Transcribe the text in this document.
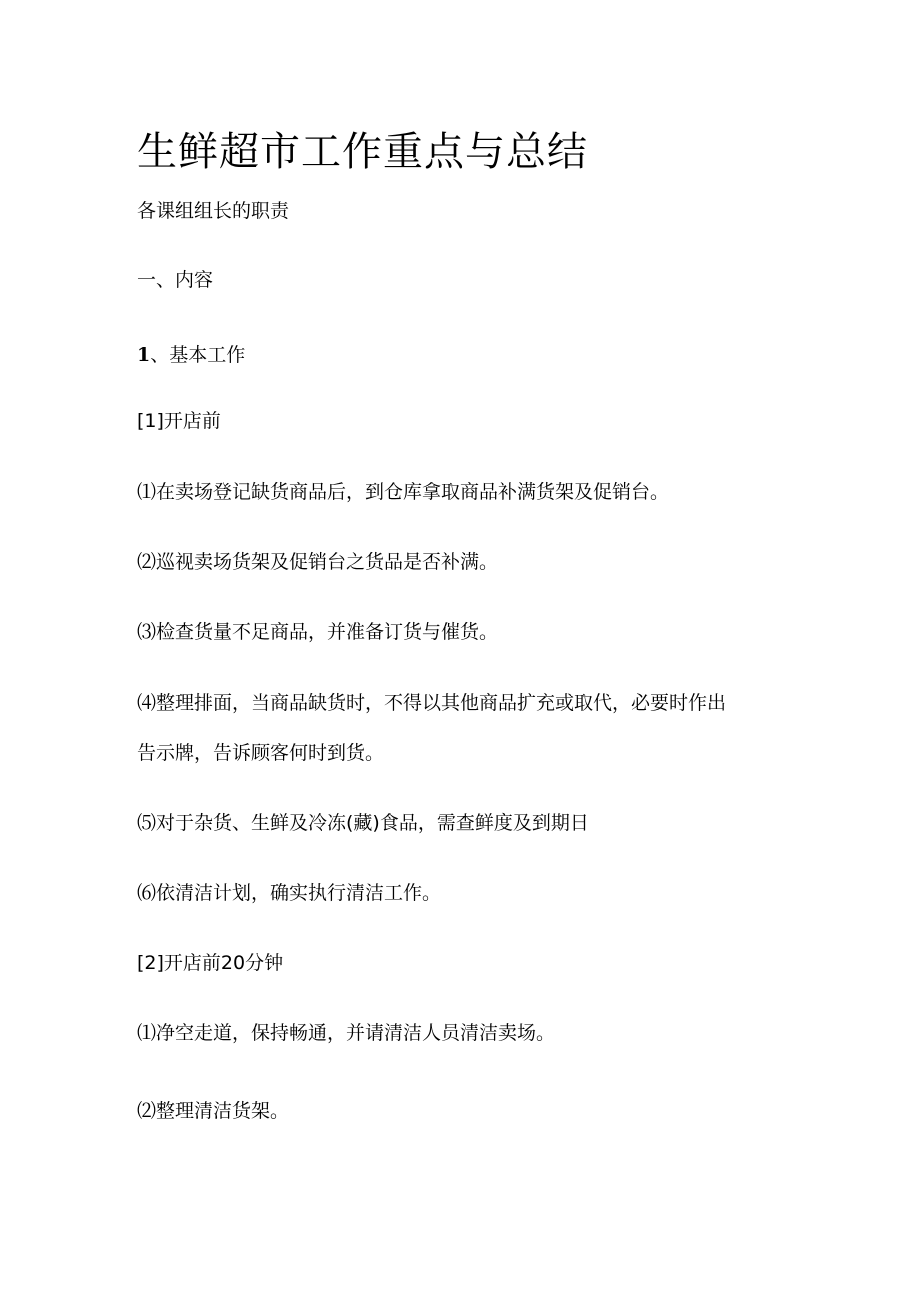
生鲜超市工作重点与总结

各课组组长的职责

一、内容

1、基本工作

[1]开店前

⑴在卖场登记缺货商品后，到仓库拿取商品补满货架及促销台。

⑵巡视卖场货架及促销台之货品是否补满。

⑶检查货量不足商品，并准备订货与催货。

⑷整理排面，当商品缺货时，不得以其他商品扩充或取代，必要时作出

告示牌，告诉顾客何时到货。

⑸对于杂货、生鲜及冷冻(藏)食品，需查鲜度及到期日

⑹依清洁计划，确实执行清洁工作。

[2]开店前20分钟

⑴净空走道，保持畅通，并请清洁人员清洁卖场。

⑵整理清洁货架。
